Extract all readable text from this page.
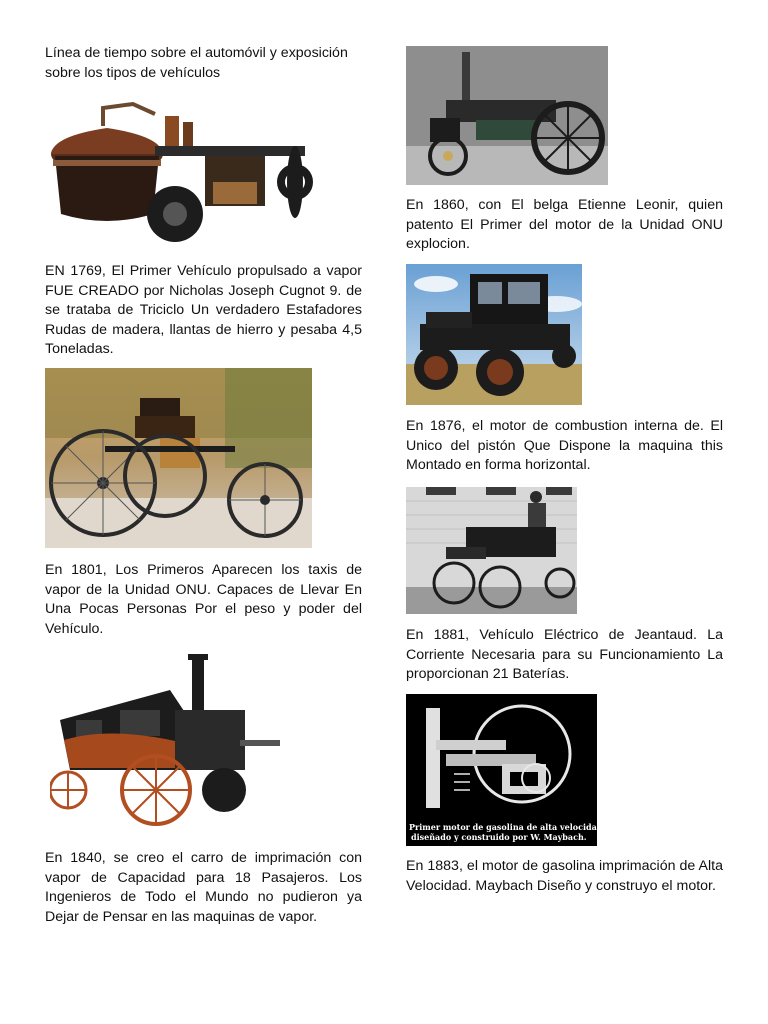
Línea de tiempo sobre el automóvil y exposición sobre los tipos de vehículos

EN 1769, El Primer Vehículo propulsado a vapor FUE CREADO por Nicholas Joseph Cugnot 9. de se trataba de Triciclo Un verdadero Estafadores Rudas de madera, llantas de hierro y pesaba 4,5 Toneladas.

En 1801, Los Primeros Aparecen los taxis de vapor de la Unidad ONU. Capaces de Llevar En Una Pocas Personas Por el peso y poder del Vehículo.

En 1840, se creo el carro de imprimación con vapor de Capacidad para 18 Pasajeros. Los Ingenieros de Todo el Mundo no pudieron ya Dejar de Pensar en las maquinas de vapor.

En 1860, con El belga Etienne Leonir, quien patento El Primer del motor de la Unidad ONU explocion.

En 1876, el motor de combustion interna de. El Unico del pistón Que Dispone la maquina this Montado en forma horizontal.

En 1881, Vehículo Eléctrico de Jeantaud. La Corriente Necesaria para su Funcionamiento La proporcionan 21 Baterías.

Primer motor de gasolina de alta velocidad
diseñado y construido por W. Maybach.

En 1883, el motor de gasolina imprimación de Alta Velocidad. Maybach Diseño y construyo el motor.
